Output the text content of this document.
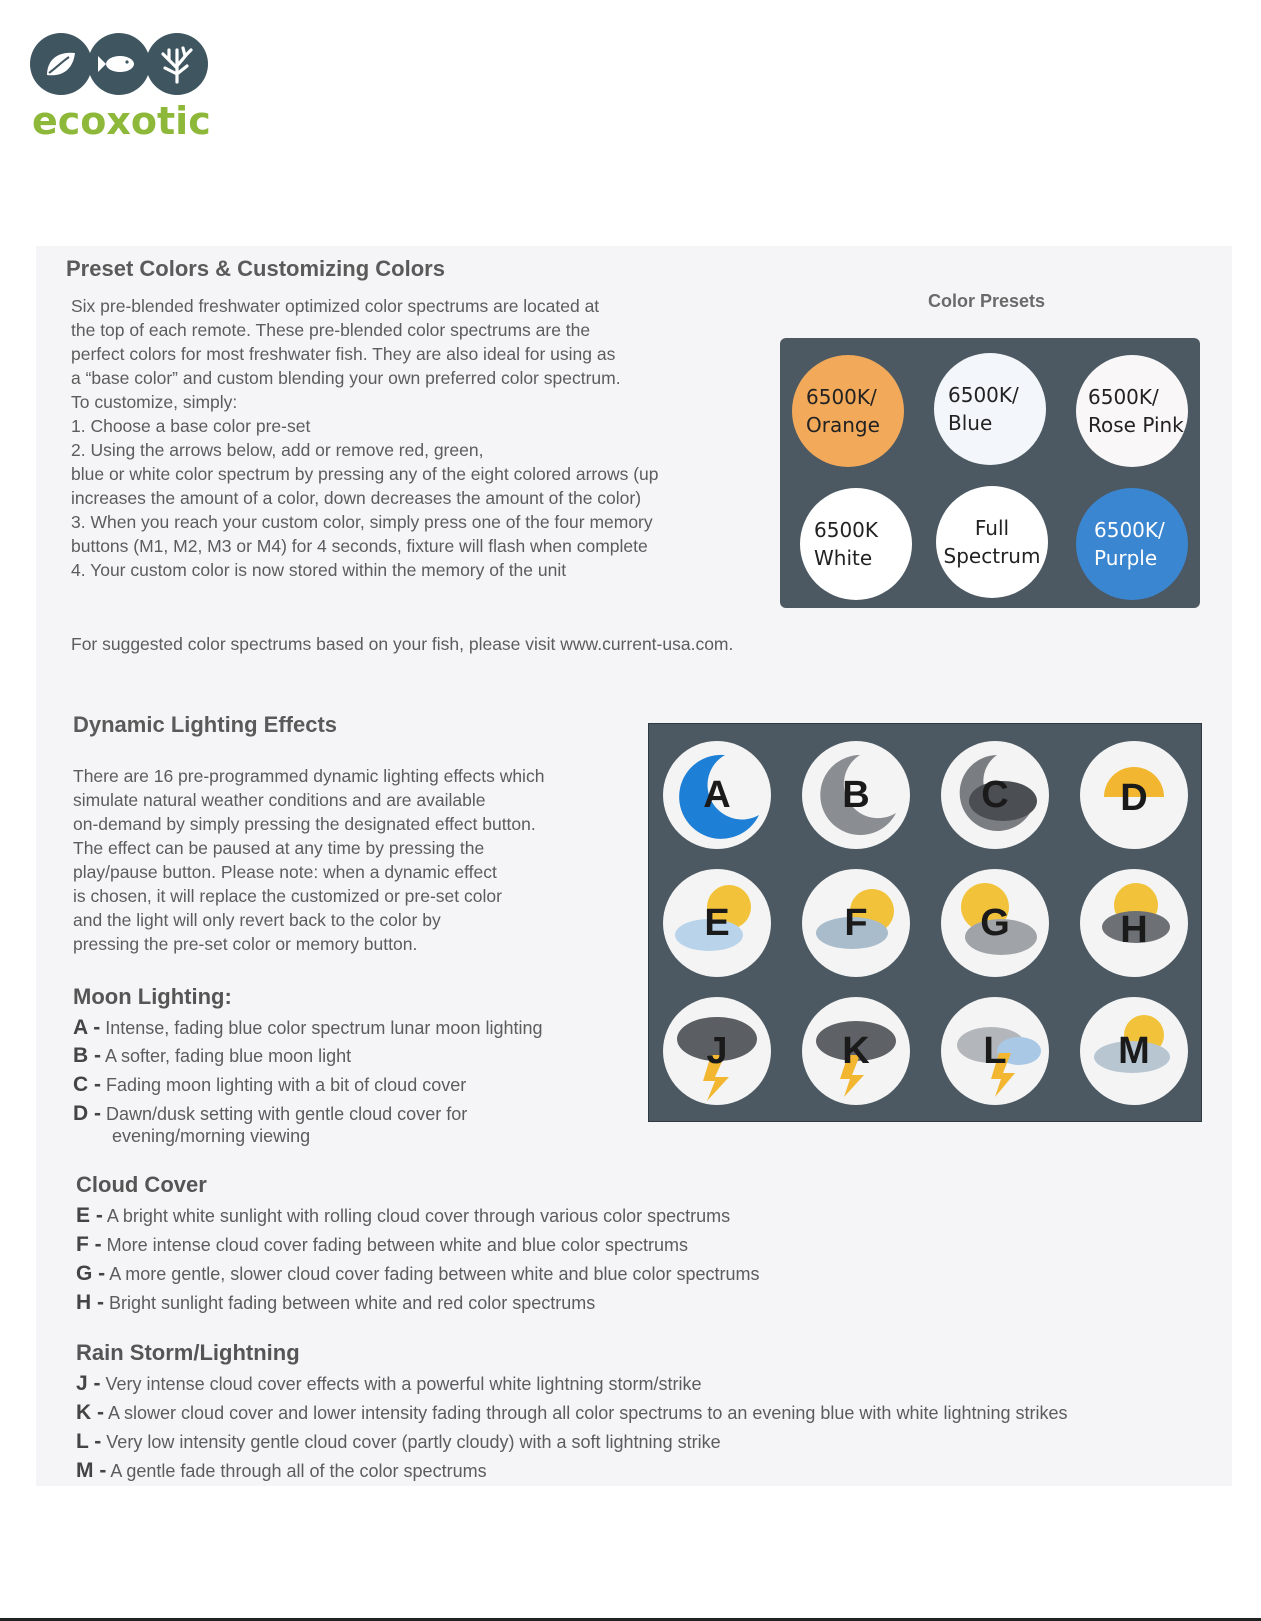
ecoxotic
Preset Colors & Customizing Colors
Six pre-blended freshwater optimized color spectrums are located at
the top of each remote. These pre-blended color spectrums are the
perfect colors for most freshwater fish. They are also ideal for using as
a “base color” and custom blending your own preferred color spectrum.
To customize, simply:
1. Choose a base color pre-set
2. Using the arrows below, add or remove red, green,
blue or white color spectrum by pressing any of the eight colored arrows (up
increases the amount of a color, down decreases the amount of the color)
3. When you reach your custom color, simply press one of the four memory
buttons (M1, M2, M3 or M4) for 4 seconds, fixture will flash when complete
4. Your custom color is now stored within the memory of the unit
For suggested color spectrums based on your fish, please visit www.current-usa.com.
Color Presets
6500K/
Orange
6500K/
Blue
6500K/
Rose Pink
6500K
White
Full
Spectrum
6500K/
Purple
Dynamic Lighting Effects
There are 16 pre-programmed dynamic lighting effects which
simulate natural weather conditions and are available
on-demand by simply pressing the designated effect button.
The effect can be paused at any time by pressing the
play/pause button. Please note: when a dynamic effect
is chosen, it will replace the customized or pre-set color
and the light will only revert back to the color by
pressing the pre-set color or memory button.
A	B	C	D
E	F	G	H
J	K	L	M
Moon Lighting:
A - Intense, fading blue color spectrum lunar moon lighting
B - A softer, fading blue moon light
C - Fading moon lighting with a bit of cloud cover
D - Dawn/dusk setting with gentle cloud cover for
evening/morning viewing
Cloud Cover
E - A bright white sunlight with rolling cloud cover through various color spectrums
F - More intense cloud cover fading between white and blue color spectrums
G - A more gentle, slower cloud cover fading between white and blue color spectrums
H - Bright sunlight fading between white and red color spectrums
Rain Storm/Lightning
J - Very intense cloud cover effects with a powerful white lightning storm/strike
K - A slower cloud cover and lower intensity fading through all color spectrums to an evening blue with white lightning strikes
L - Very low intensity gentle cloud cover (partly cloudy) with a soft lightning strike
M - A gentle fade through all of the color spectrums
